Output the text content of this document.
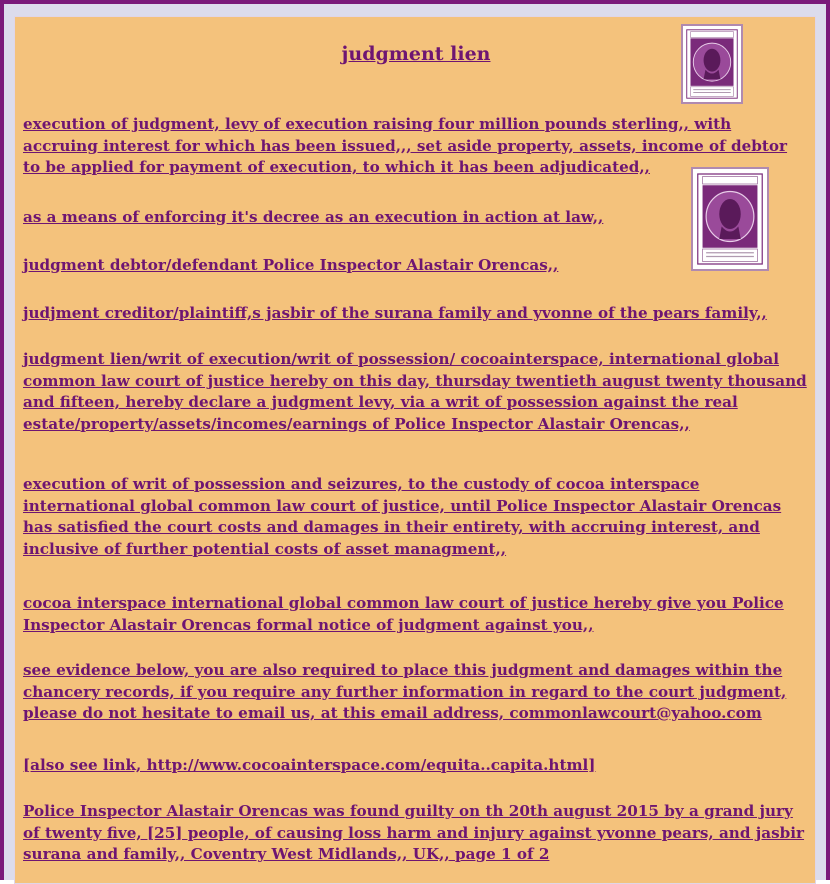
judgment lien

execution of judgment, levy of execution raising four million pounds sterling,, with accruing interest for which has been issued,,, set aside property, assets, income of debtor to be applied for payment of execution, to which it has been adjudicated,,

as a means of enforcing it's decree as an execution in action at law,,

judgment debtor/defendant Police Inspector Alastair Orencas,,

judjment creditor/plaintiff,s jasbir of the surana family and yvonne of the pears family,,

judgment lien/writ of execution/writ of possession/ cocoainterspace, international global common law court of justice hereby on this day, thursday twentieth august twenty thousand and fifteen, hereby declare a judgment levy, via a writ of possession against the real estate/property/assets/incomes/earnings of Police Inspector Alastair Orencas,,

execution of writ of possession and seizures, to the custody of cocoa interspace international global common law court of justice, until Police Inspector Alastair Orencas has satisfied the court costs and damages in their entirety, with accruing interest, and inclusive of further potential costs of asset managment,,

cocoa interspace international global common law court of justice hereby give you Police Inspector Alastair Orencas formal notice of judgment against you,,

see evidence below, you are also required to place this judgment and damages within the chancery records, if you require any further information in regard to the court judgment, please do not hesitate to email us, at this email address, commonlawcourt@yahoo.com

[also see link, http://www.cocoainterspace.com/equita..capita.html]

Police Inspector Alastair Orencas was found guilty on th 20th august 2015 by a grand jury of twenty five, [25] people, of causing loss harm and injury against yvonne pears, and jasbir surana and family,, Coventry West Midlands,, UK,, page 1 of 2
